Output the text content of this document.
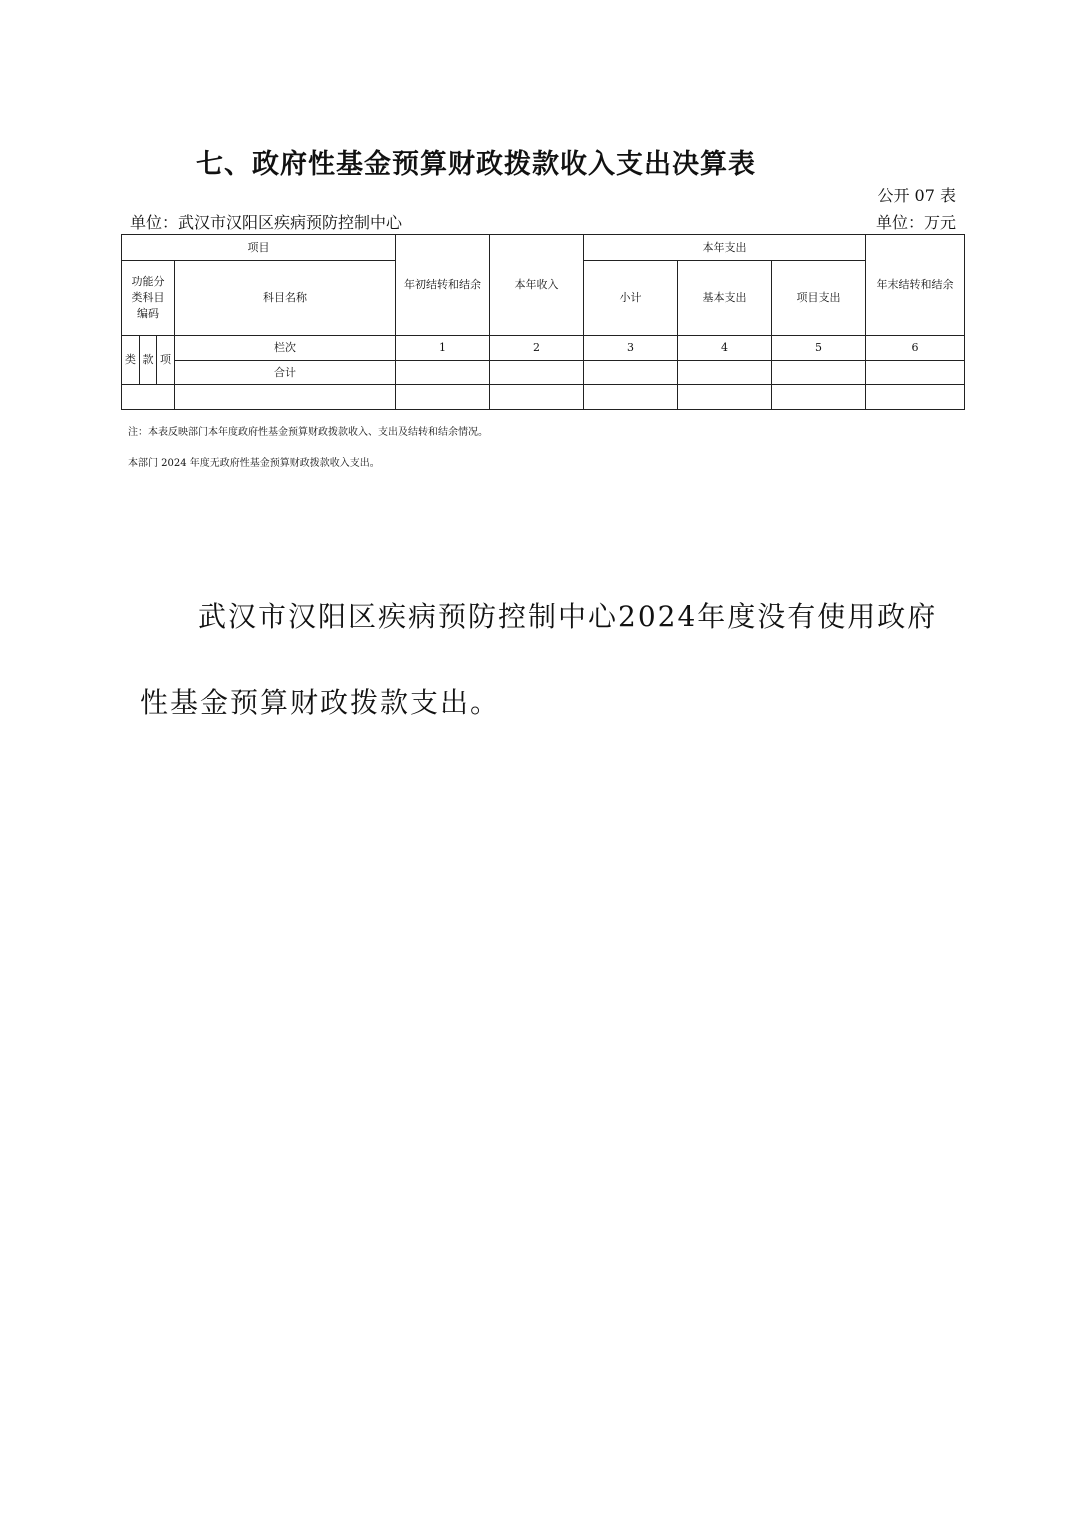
七、政府性基金预算财政拨款收入支出决算表
公开 07 表
单位：武汉市汉阳区疾病预防控制中心	单位：万元
项目				年初结转和结余	本年收入	本年支出			年末结转和结余
功能分类科目编码			科目名称			小计	基本支出	项目支出	
类	款	项	栏次	1	2	3	4	5	6
			合计						

注：本表反映部门本年度政府性基金预算财政拨款收入、支出及结转和结余情况。
本部门 2024 年度无政府性基金预算财政拨款收入支出。
武汉市汉阳区疾病预防控制中心2024年度没有使用政府性基金预算财政拨款支出。
